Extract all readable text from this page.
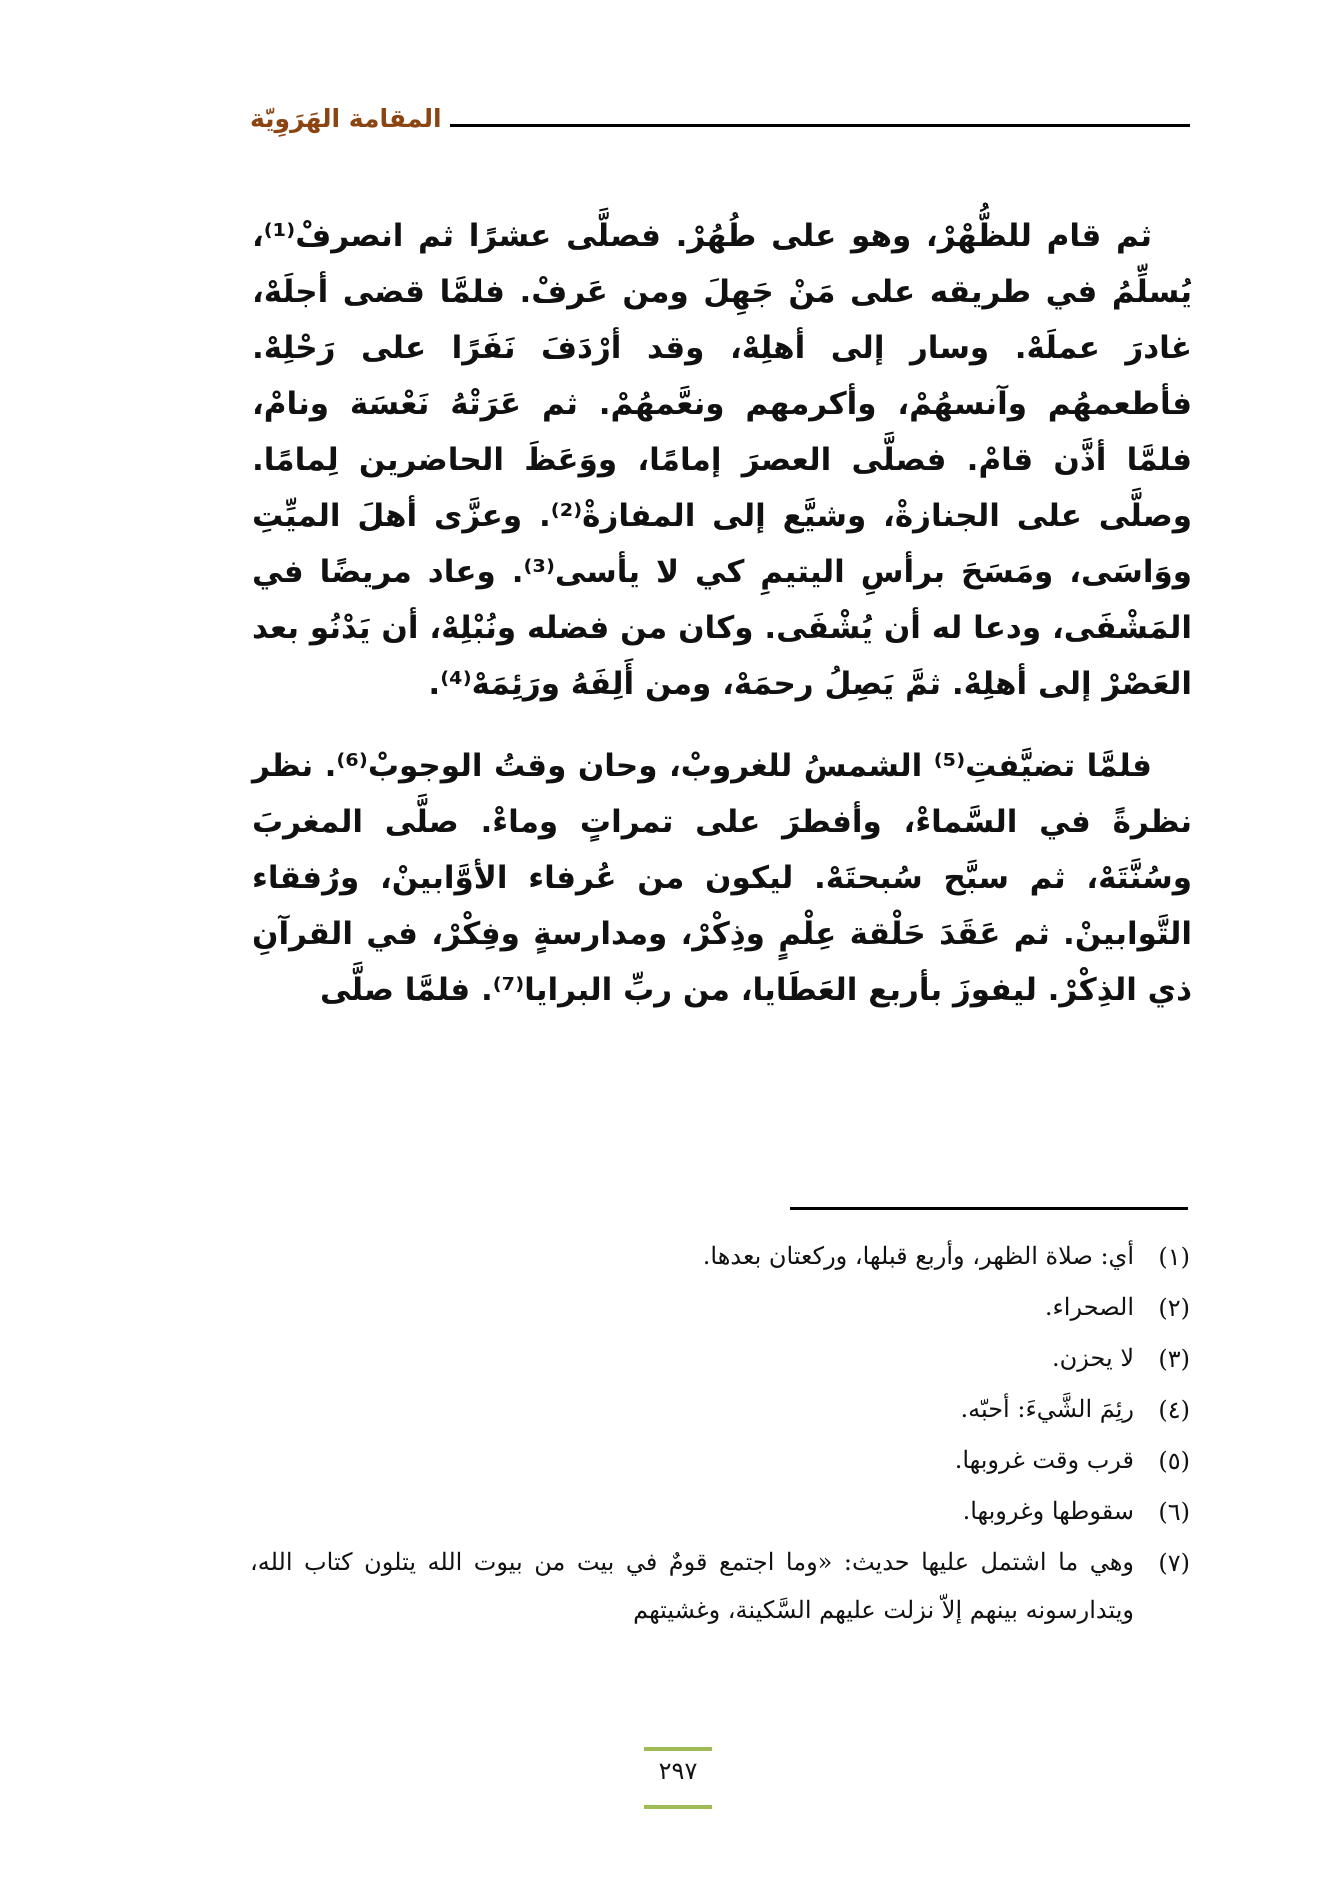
المقامة الهَرَوِيّة

ثم قام للظُّهْرْ، وهو على طُهُرْ. فصلَّى عشرًا ثم انصرفْ⁽¹⁾، يُسلِّمُ في طريقه على مَنْ جَهِلَ ومن عَرفْ. فلمَّا قضى أجلَهْ، غادرَ عملَهْ. وسار إلى أهلِهْ، وقد أرْدَفَ نَفَرًا على رَحْلِهْ. فأطعمهُم وآنسهُمْ، وأكرمهم ونعَّمهُمْ. ثم عَرَتْهُ نَعْسَة ونامْ، فلمَّا أذَّن قامْ. فصلَّى العصرَ إمامًا، ووَعَظَ الحاضرين لِمامًا. وصلَّى على الجنازةْ، وشيَّع إلى المفازةْ⁽²⁾. وعزَّى أهلَ الميِّتِ ووَاسَى، ومَسَحَ برأسِ اليتيمِ كي لا يأسى⁽³⁾. وعاد مريضًا في المَشْفَى، ودعا له أن يُشْفَى. وكان من فضله ونُبْلِهْ، أن يَدْنُو بعد العَصْرْ إلى أهلِهْ. ثمَّ يَصِلُ رحمَهْ، ومن أَلِفَهُ ورَئِمَهْ⁽⁴⁾.

فلمَّا تضيَّفتِ⁽⁵⁾ الشمسُ للغروبْ، وحان وقتُ الوجوبْ⁽⁶⁾. نظر نظرةً في السَّماءْ، وأفطرَ على تمراتٍ وماءْ. صلَّى المغربَ وسُنَّتَهْ، ثم سبَّح سُبحتَهْ. ليكون من عُرفاء الأوَّابينْ، ورُفقاء التَّوابينْ. ثم عَقَدَ حَلْقة عِلْمٍ وذِكْرْ، ومدارسةٍ وفِكْرْ، في القرآنِ ذي الذِكْرْ. ليفوزَ بأربع العَطَايا، من ربِّ البرايا⁽⁷⁾. فلمَّا صلَّى

(١)
أي: صلاة الظهر، وأربع قبلها، وركعتان بعدها.
(٢)
الصحراء.
(٣)
لا يحزن.
(٤)
رئِمَ الشَّيءَ: أحبّه.
(٥)
قرب وقت غروبها.
(٦)
سقوطها وغروبها.
(٧)
وهي ما اشتمل عليها حديث: «وما اجتمع قومٌ في بيت من بيوت الله يتلون كتاب الله، ويتدارسونه بينهم إلاّ نزلت عليهم السَّكينة، وغشيتهم
٢٩٧
